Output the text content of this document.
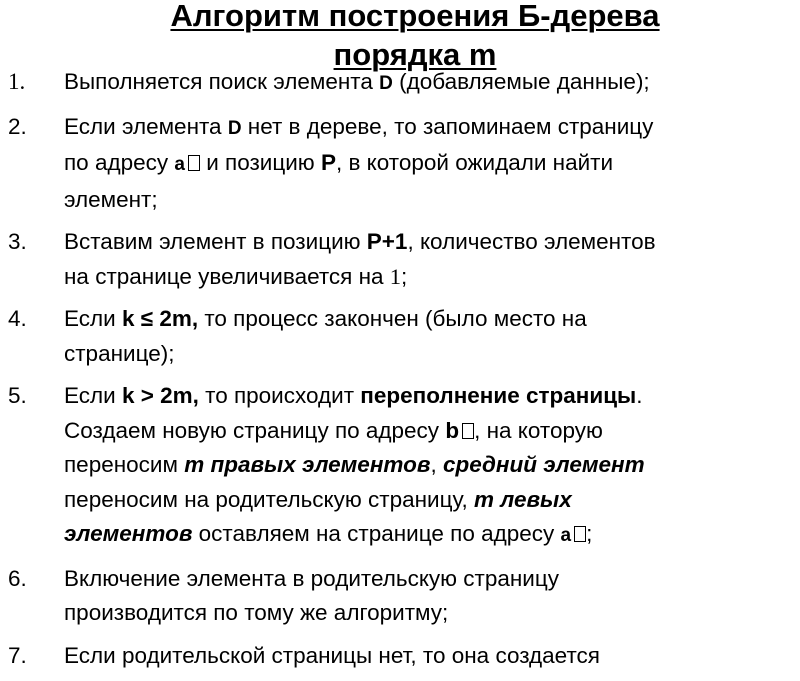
Алгоритм построения Б-дерева
порядка m
1. Выполняется поиск элемента D (добавляемые данные);
2. Если элемента D нет в дереве, то запоминаем страницу
по адресу a и позицию P, в которой ожидали найти
элемент;
3. Вставим элемент в позицию P+1, количество элементов
на странице увеличивается на 1;
4. Если k ≤ 2m, то процесс закончен (было место на
странице);
5. Если k > 2m, то происходит переполнение страницы.
Создаем новую страницу по адресу b , на которую
переносим m правых элементов, средний элемент
переносим на родительскую страницу, m левых
элементов оставляем на странице по адресу a ;
6. Включение элемента в родительскую страницу
производится по тому же алгоритму;
7. Если родительской страницы нет, то она создается
